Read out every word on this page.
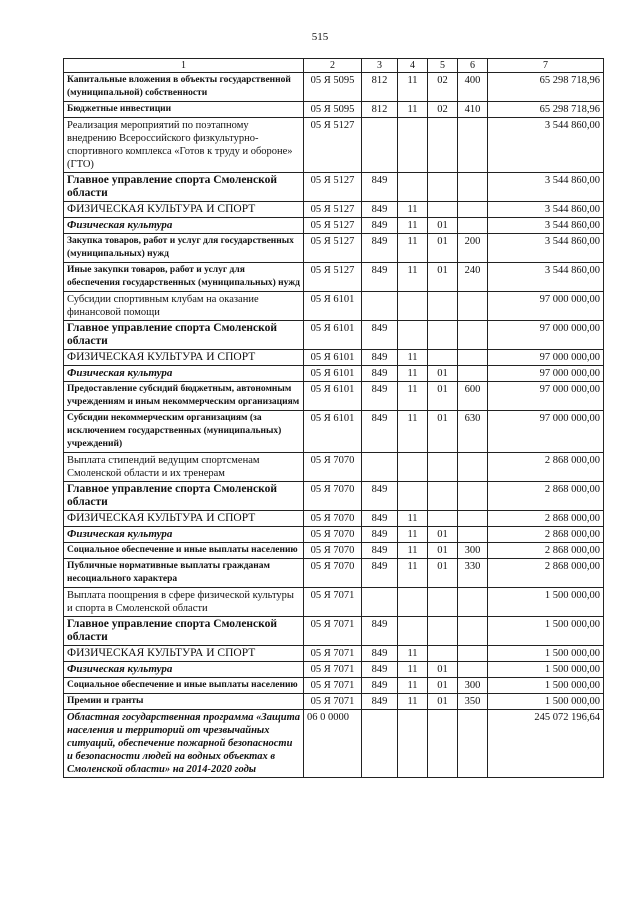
515
1	2	3	4	5	6	7
Капитальные вложения в объекты государственной (муниципальной) собственности	05 Я 5095	812	11	02	400	65 298 718,96
Бюджетные инвестиции	05 Я 5095	812	11	02	410	65 298 718,96
Реализация мероприятий по поэтапному внедрению Всероссийского физкультурно-спортивного комплекса «Готов к труду и обороне» (ГТО)	05 Я 5127					3 544 860,00
Главное управление спорта Смоленской области	05 Я 5127	849				3 544 860,00
ФИЗИЧЕСКАЯ КУЛЬТУРА И СПОРТ	05 Я 5127	849	11			3 544 860,00
Физическая культура	05 Я 5127	849	11	01		3 544 860,00
Закупка товаров, работ и услуг для государственных (муниципальных) нужд	05 Я 5127	849	11	01	200	3 544 860,00
Иные закупки товаров, работ и услуг для обеспечения государственных (муниципальных) нужд	05 Я 5127	849	11	01	240	3 544 860,00
Субсидии спортивным клубам на оказание финансовой помощи	05 Я 6101					97 000 000,00
Главное управление спорта Смоленской области	05 Я 6101	849				97 000 000,00
ФИЗИЧЕСКАЯ КУЛЬТУРА И СПОРТ	05 Я 6101	849	11			97 000 000,00
Физическая культура	05 Я 6101	849	11	01		97 000 000,00
Предоставление субсидий бюджетным, автономным учреждениям и иным некоммерческим организациям	05 Я 6101	849	11	01	600	97 000 000,00
Субсидии некоммерческим организациям (за исключением государственных (муниципальных) учреждений)	05 Я 6101	849	11	01	630	97 000 000,00
Выплата стипендий ведущим спортсменам Смоленской области и их тренерам	05 Я 7070					2 868 000,00
Главное управление спорта Смоленской области	05 Я 7070	849				2 868 000,00
ФИЗИЧЕСКАЯ КУЛЬТУРА И СПОРТ	05 Я 7070	849	11			2 868 000,00
Физическая культура	05 Я 7070	849	11	01		2 868 000,00
Социальное обеспечение и иные выплаты населению	05 Я 7070	849	11	01	300	2 868 000,00
Публичные нормативные выплаты гражданам несоциального характера	05 Я 7070	849	11	01	330	2 868 000,00
Выплата поощрения в сфере физической культуры и спорта в Смоленской области	05 Я 7071					1 500 000,00
Главное управление спорта Смоленской области	05 Я 7071	849				1 500 000,00
ФИЗИЧЕСКАЯ КУЛЬТУРА И СПОРТ	05 Я 7071	849	11			1 500 000,00
Физическая культура	05 Я 7071	849	11	01		1 500 000,00
Социальное обеспечение и иные выплаты населению	05 Я 7071	849	11	01	300	1 500 000,00
Премии и гранты	05 Я 7071	849	11	01	350	1 500 000,00
Областная государственная программа «Защита населения и территорий от чрезвычайных ситуаций, обеспечение пожарной безопасности и безопасности людей на водных объектах в Смоленской области» на 2014-2020 годы	06 0 0000					245 072 196,64
